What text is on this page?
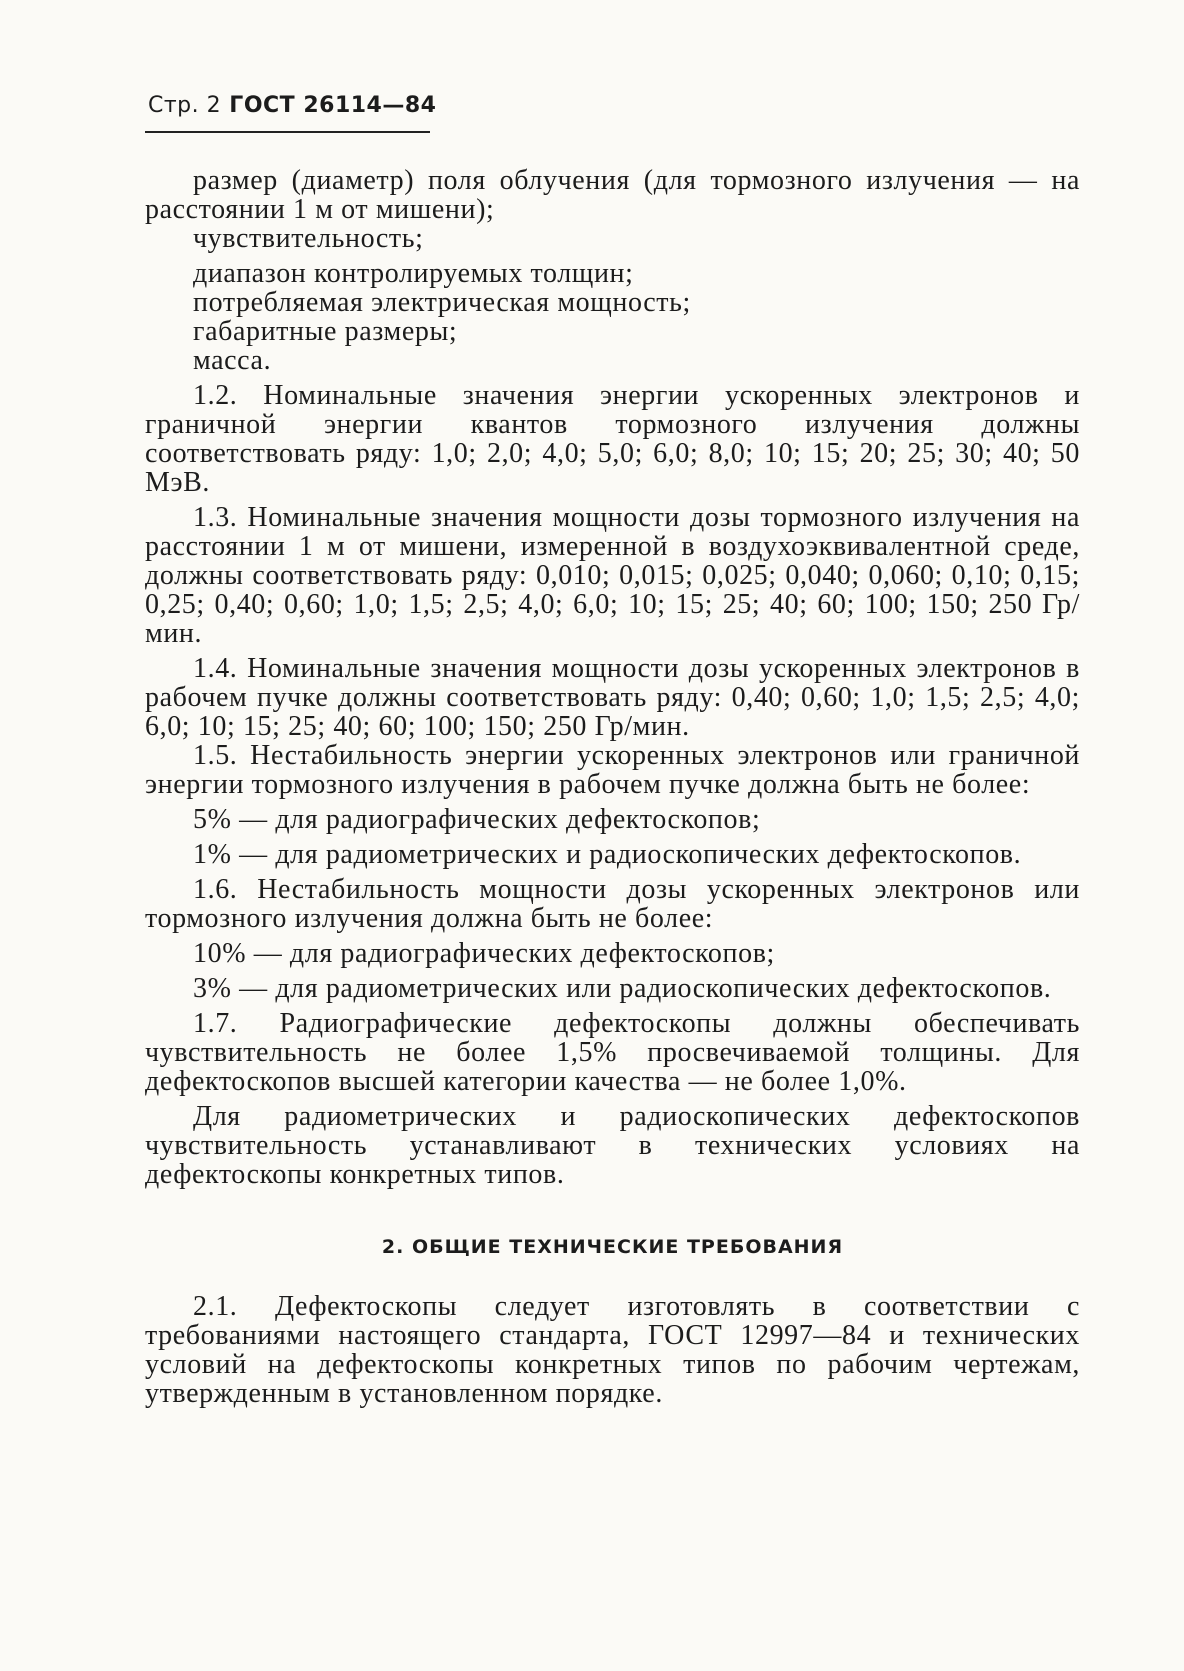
Стр. 2 ГОСТ 26114—84

размер (диаметр) поля облучения (для тормозного излучения — на расстоянии 1 м от мишени);

чувствительность;

диапазон контролируемых толщин;

потребляемая электрическая мощность;

габаритные размеры;

масса.

1.2. Номинальные значения энергии ускоренных электронов и граничной энергии квантов тормозного излучения должны соответствовать ряду: 1,0; 2,0; 4,0; 5,0; 6,0; 8,0; 10; 15; 20; 25; 30; 40; 50 МэВ.

1.3. Номинальные значения мощности дозы тормозного излучения на расстоянии 1 м от мишени, измеренной в воздухоэквивалентной среде, должны соответствовать ряду: 0,010; 0,015; 0,025; 0,040; 0,060; 0,10; 0,15; 0,25; 0,40; 0,60; 1,0; 1,5; 2,5; 4,0; 6,0; 10; 15; 25; 40; 60; 100; 150; 250 Гр/мин.

1.4. Номинальные значения мощности дозы ускоренных электронов в рабочем пучке должны соответствовать ряду: 0,40; 0,60; 1,0; 1,5; 2,5; 4,0; 6,0; 10; 15; 25; 40; 60; 100; 150; 250 Гр/мин.

1.5. Нестабильность энергии ускоренных электронов или граничной энергии тормозного излучения в рабочем пучке должна быть не более:

5% — для радиографических дефектоскопов;

1% — для радиометрических и радиоскопических дефектоскопов.

1.6. Нестабильность мощности дозы ускоренных электронов или тормозного излучения должна быть не более:

10% — для радиографических дефектоскопов;

3% — для радиометрических или радиоскопических дефектоскопов.

1.7. Радиографические дефектоскопы должны обеспечивать чувствительность не более 1,5% просвечиваемой толщины. Для дефектоскопов высшей категории качества — не более 1,0%.

Для радиометрических и радиоскопических дефектоскопов чувствительность устанавливают в технических условиях на дефектоскопы конкретных типов.

2. ОБЩИЕ ТЕХНИЧЕСКИЕ ТРЕБОВАНИЯ

2.1. Дефектоскопы следует изготовлять в соответствии с требованиями настоящего стандарта, ГОСТ 12997—84 и технических условий на дефектоскопы конкретных типов по рабочим чертежам, утвержденным в установленном порядке.
